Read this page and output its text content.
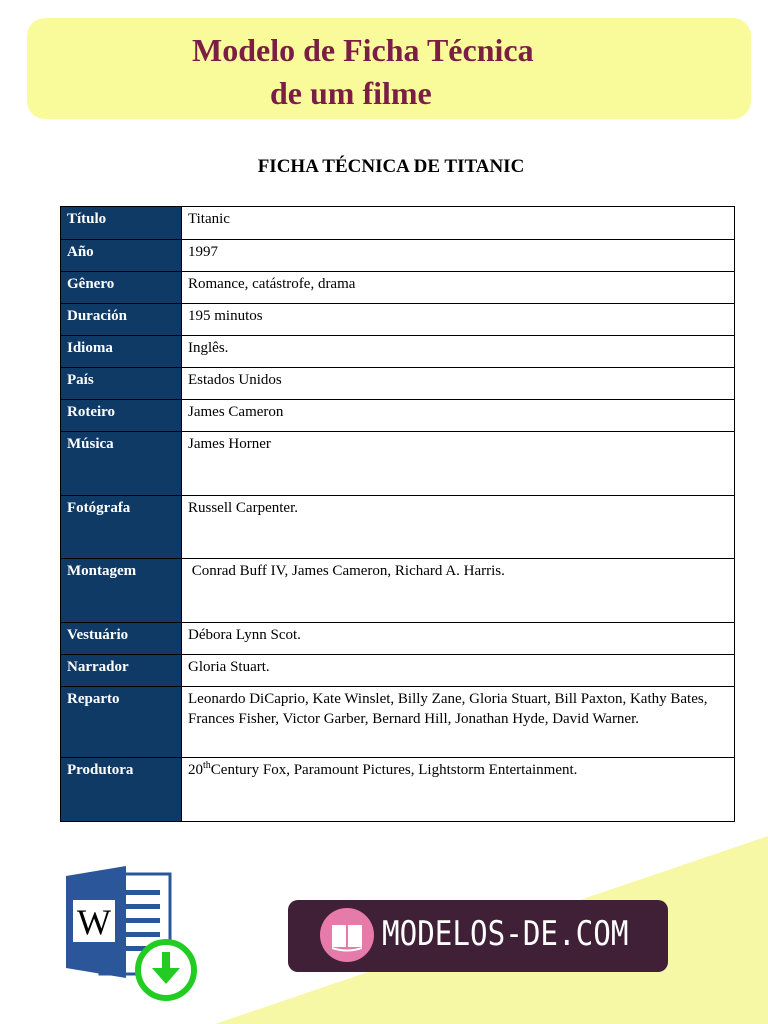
Modelo de Ficha Técnica
de um filme
FICHA TÉCNICA DE TITANIC
Título	Titanic
Año	1997
Gênero	Romance, catástrofe, drama
Duración	195 minutos
Idioma	Inglês.
País	Estados Unidos
Roteiro	James Cameron
Música	James Horner
Fotógrafa	Russell Carpenter.
Montagem	Conrad Buff IV, James Cameron, Richard A. Harris.
Vestuário	Débora Lynn Scot.
Narrador	Gloria Stuart.
Reparto	Leonardo DiCaprio, Kate Winslet, Billy Zane, Gloria Stuart, Bill Paxton, Kathy Bates, Frances Fisher, Victor Garber, Bernard Hill, Jonathan Hyde, David Warner.
Produtora	20thCentury Fox, Paramount Pictures, Lightstorm Entertainment.
W	MODELOS-DE.COM
